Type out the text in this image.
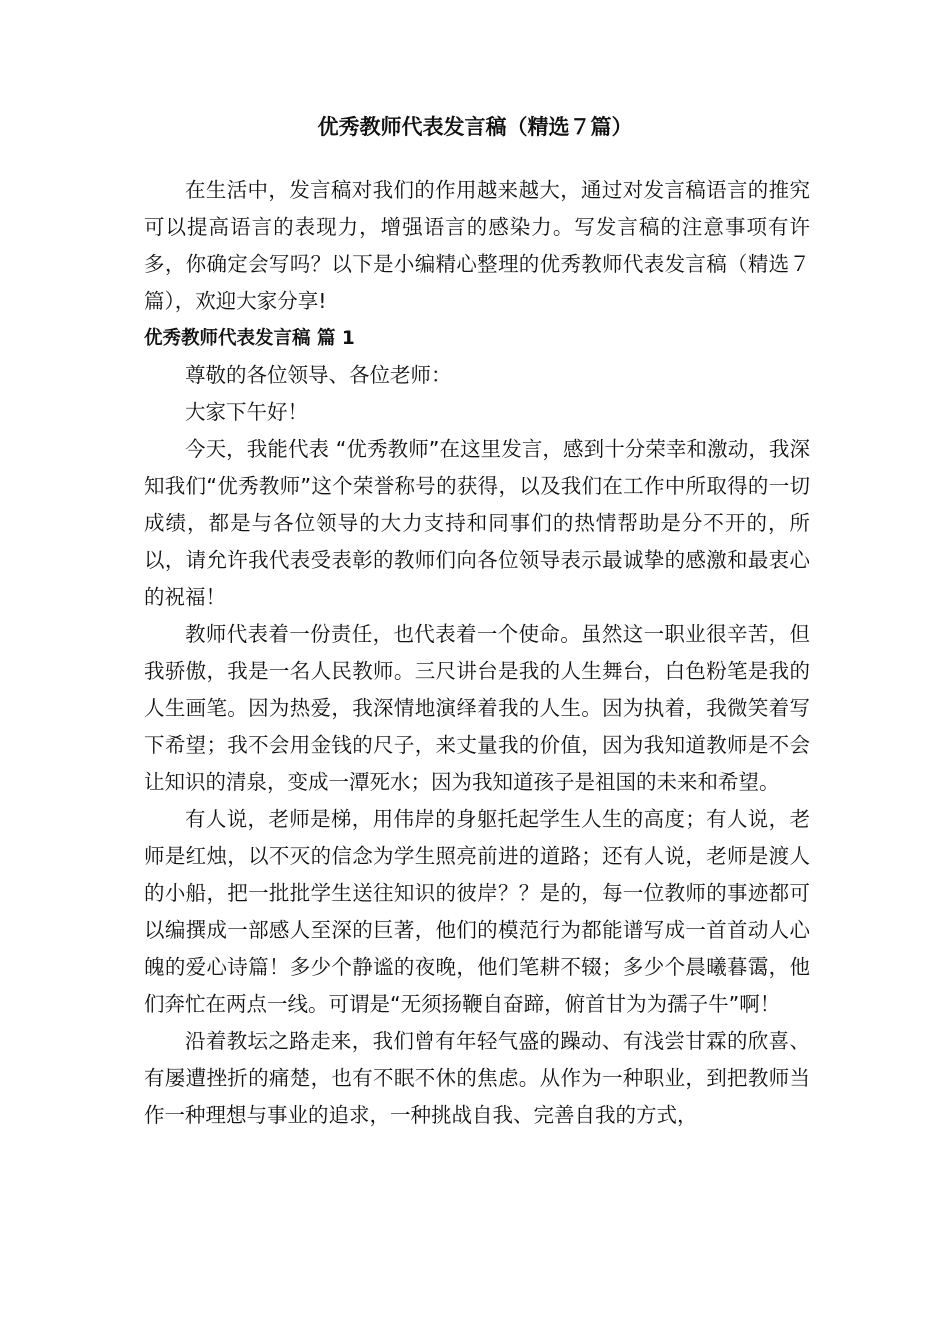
优秀教师代表发言稿（精选７篇）

在生活中，发言稿对我们的作用越来越大，通过对发言稿语言的推究可以提高语言的表现力，增强语言的感染力。写发言稿的注意事项有许多，你确定会写吗？以下是小编精心整理的优秀教师代表发言稿（精选７篇），欢迎大家分享!

优秀教师代表发言稿 篇 1

尊敬的各位领导、各位老师：

大家下午好！

今天，我能代表 “优秀教师”在这里发言，感到十分荣幸和激动，我深知我们“优秀教师”这个荣誉称号的获得，以及我们在工作中所取得的一切成绩，都是与各位领导的大力支持和同事们的热情帮助是分不开的，所以，请允许我代表受表彰的教师们向各位领导表示最诚挚的感激和最衷心的祝福！

教师代表着一份责任，也代表着一个使命。虽然这一职业很辛苦，但我骄傲，我是一名人民教师。三尺讲台是我的人生舞台，白色粉笔是我的人生画笔。因为热爱，我深情地演绎着我的人生。因为执着，我微笑着写下希望；我不会用金钱的尺子，来丈量我的价值，因为我知道教师是不会让知识的清泉，变成一潭死水；因为我知道孩子是祖国的未来和希望。

有人说，老师是梯，用伟岸的身躯托起学生人生的高度；有人说，老师是红烛，以不灭的信念为学生照亮前进的道路；还有人说，老师是渡人的小船，把一批批学生送往知识的彼岸？？是的，每一位教师的事迹都可以编撰成一部感人至深的巨著，他们的模范行为都能谱写成一首首动人心魄的爱心诗篇！多少个静谧的夜晚，他们笔耕不辍；多少个晨曦暮霭，他们奔忙在两点一线。可谓是“无须扬鞭自奋蹄，俯首甘为为孺子牛”啊！

沿着教坛之路走来，我们曾有年轻气盛的躁动、有浅尝甘霖的欣喜、有屡遭挫折的痛楚，也有不眠不休的焦虑。从作为一种职业，到把教师当作一种理想与事业的追求，一种挑战自我、完善自我的方式，
